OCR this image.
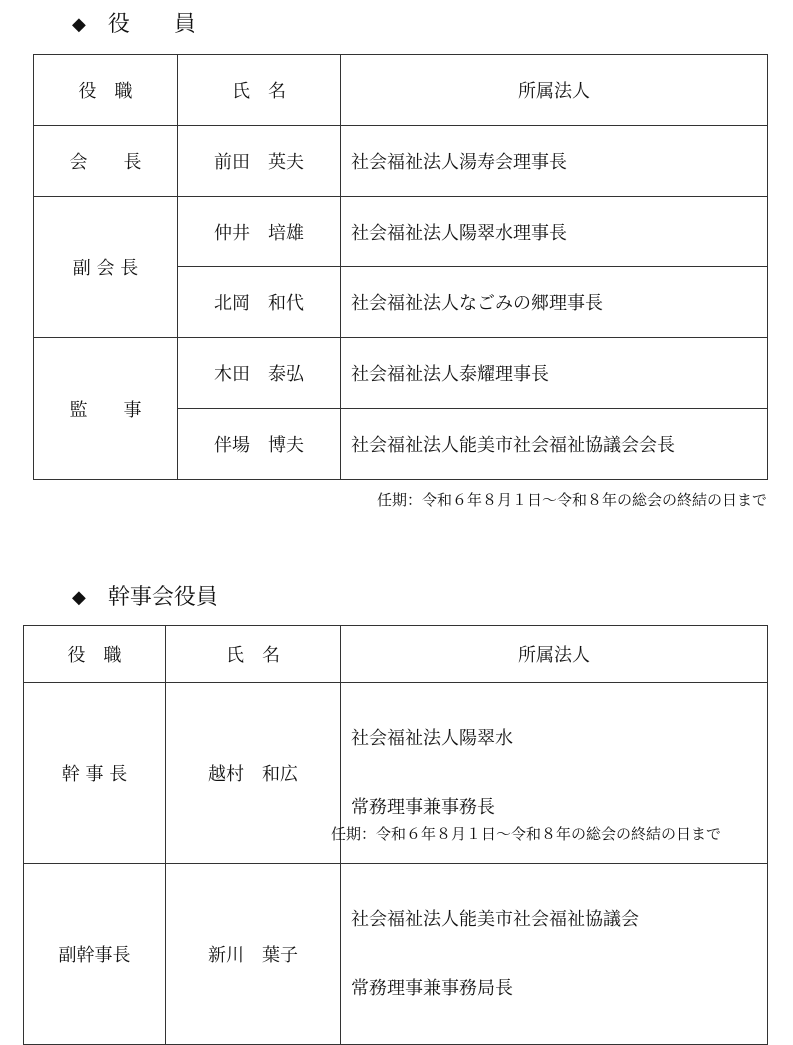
◆ 役　　員
役　職	氏　名	所属法人
会　　長	前田　英夫	社会福祉法人湯寿会理事長
副 会 長	仲井　培雄	社会福祉法人陽翠水理事長
	北岡　和代	社会福祉法人なごみの郷理事長
監　　事	木田　泰弘	社会福祉法人泰耀理事長
	伴場　博夫	社会福祉法人能美市社会福祉協議会会長
任期：令和６年８月１日～令和８年の総会の終結の日まで
◆ 幹事会役員
役　職	氏　名	所属法人
幹 事 長	越村　和広	社会福祉法人陽翠水

常務理事兼事務長

副幹事長	新川　葉子	社会福祉法人能美市社会福祉協議会

常務理事兼事務局長

任期：令和６年８月１日～令和８年の総会の終結の日まで
